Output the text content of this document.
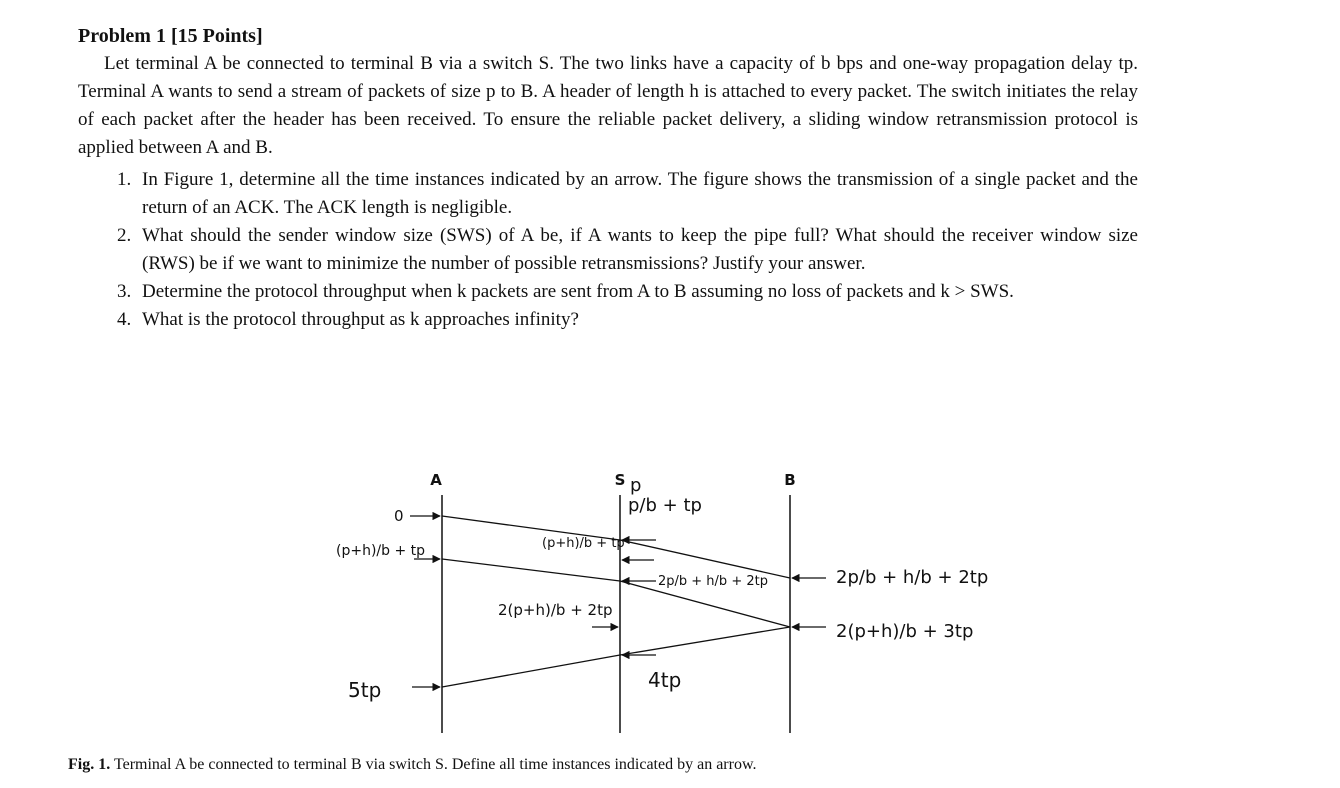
Problem 1 [15 Points]
Let terminal A be connected to terminal B via a switch S. The two links have a capacity of b bps and one-way propagation delay tp. Terminal A wants to send a stream of packets of size p to B. A header of length h is attached to every packet. The switch initiates the relay of each packet after the header has been received. To ensure the reliable packet delivery, a sliding window retransmission protocol is applied between A and B.
1. In Figure 1, determine all the time instances indicated by an arrow. The figure shows the transmission of a single packet and the return of an ACK. The ACK length is negligible.
2. What should the sender window size (SWS) of A be, if A wants to keep the pipe full? What should the receiver window size (RWS) be if we want to minimize the number of possible retransmissions? Justify your answer.
3. Determine the protocol throughput when k packets are sent from A to B assuming no loss of packets and k > SWS.
4. What is the protocol throughput as k approaches infinity?
A	S	B
0
(p+h)/b + tp
5tp
p
p/b + tp
(p+h)/b + tp
2p/b + h/b + 2tp
2(p+h)/b + 2tp
4tp
2p/b + h/b + 2tp
2(p+h)/b + 3tp
Fig. 1. Terminal A be connected to terminal B via switch S. Define all time instances indicated by an arrow.
